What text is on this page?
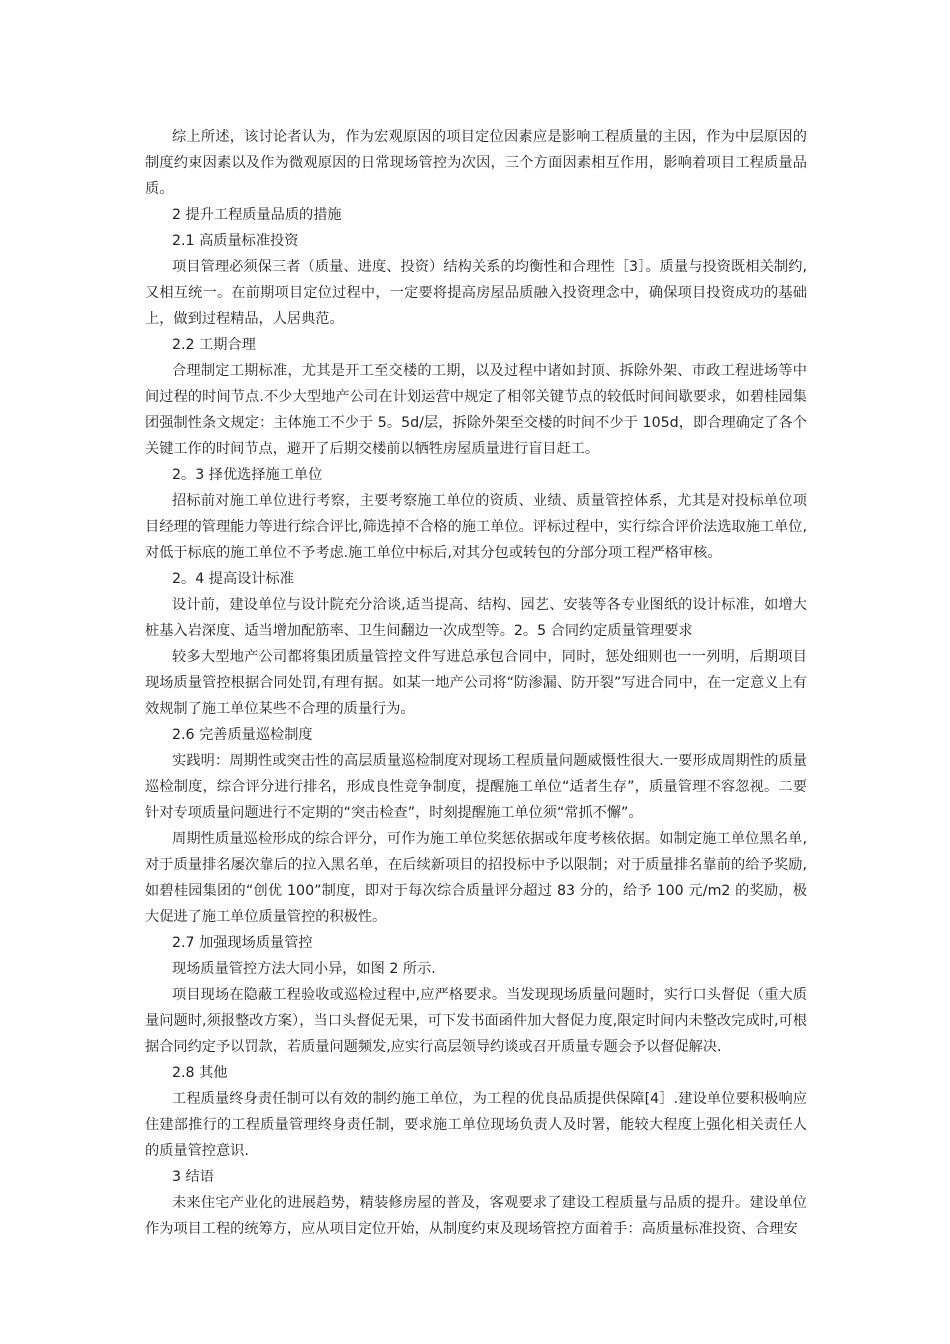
综上所述，该讨论者认为，作为宏观原因的项目定位因素应是影响工程质量的主因，作为中层原因的制度约束因素以及作为微观原因的日常现场管控为次因，三个方面因素相互作用，影响着项目工程质量品质。

2 提升工程质量品质的措施

2.1 高质量标准投资

项目管理必须保三者（质量、进度、投资）结构关系的均衡性和合理性［3］。质量与投资既相关制约,又相互统一。在前期项目定位过程中，一定要将提高房屋品质融入投资理念中，确保项目投资成功的基础上，做到过程精品，人居典范。

2.2 工期合理

合理制定工期标准，尤其是开工至交楼的工期，以及过程中诸如封顶、拆除外架、市政工程进场等中间过程的时间节点.不少大型地产公司在计划运营中规定了相邻关键节点的较低时间间歇要求，如碧桂园集团强制性条文规定：主体施工不少于 5。5d/层，拆除外架至交楼的时间不少于 105d，即合理确定了各个关键工作的时间节点，避开了后期交楼前以牺牲房屋质量进行盲目赶工。

2。3 择优选择施工单位

招标前对施工单位进行考察，主要考察施工单位的资质、业绩、质量管控体系，尤其是对投标单位项目经理的管理能力等进行综合评比,筛选掉不合格的施工单位。评标过程中，实行综合评价法选取施工单位,对低于标底的施工单位不予考虑.施工单位中标后,对其分包或转包的分部分项工程严格审核。

2。4 提高设计标准

设计前，建设单位与设计院充分洽谈,适当提高、结构、园艺、安装等各专业图纸的设计标准，如增大桩基入岩深度、适当增加配筋率、卫生间翻边一次成型等。2。5 合同约定质量管理要求

较多大型地产公司都将集团质量管控文件写进总承包合同中，同时，惩处细则也一一列明，后期项目现场质量管控根据合同处罚,有理有据。如某一地产公司将“防渗漏、防开裂”写进合同中，在一定意义上有效规制了施工单位某些不合理的质量行为。

2.6 完善质量巡检制度

实践明：周期性或突击性的高层质量巡检制度对现场工程质量问题威慑性很大.一要形成周期性的质量巡检制度，综合评分进行排名，形成良性竞争制度，提醒施工单位“适者生存”，质量管理不容忽视。二要针对专项质量问题进行不定期的“突击检查”，时刻提醒施工单位须“常抓不懈”。

周期性质量巡检形成的综合评分，可作为施工单位奖惩依据或年度考核依据。如制定施工单位黑名单,对于质量排名屡次靠后的拉入黑名单，在后续新项目的招投标中予以限制；对于质量排名靠前的给予奖励,如碧桂园集团的“创优 100”制度，即对于每次综合质量评分超过 83 分的，给予 100 元/m2 的奖励，极大促进了施工单位质量管控的积极性。

2.7 加强现场质量管控

现场质量管控方法大同小异，如图 2 所示.

项目现场在隐蔽工程验收或巡检过程中,应严格要求。当发现现场质量问题时，实行口头督促（重大质量问题时,须报整改方案），当口头督促无果，可下发书面函件加大督促力度,限定时间内未整改完成时,可根据合同约定予以罚款，若质量问题频发,应实行高层领导约谈或召开质量专题会予以督促解决.

2.8 其他

工程质量终身责任制可以有效的制约施工单位，为工程的优良品质提供保障[4］.建设单位要积极响应住建部推行的工程质量管理终身责任制，要求施工单位现场负责人及时署，能较大程度上强化相关责任人的质量管控意识.

3 结语

未来住宅产业化的进展趋势，精装修房屋的普及，客观要求了建设工程质量与品质的提升。建设单位作为项目工程的统筹方，应从项目定位开始，从制度约束及现场管控方面着手：高质量标准投资、合理安
